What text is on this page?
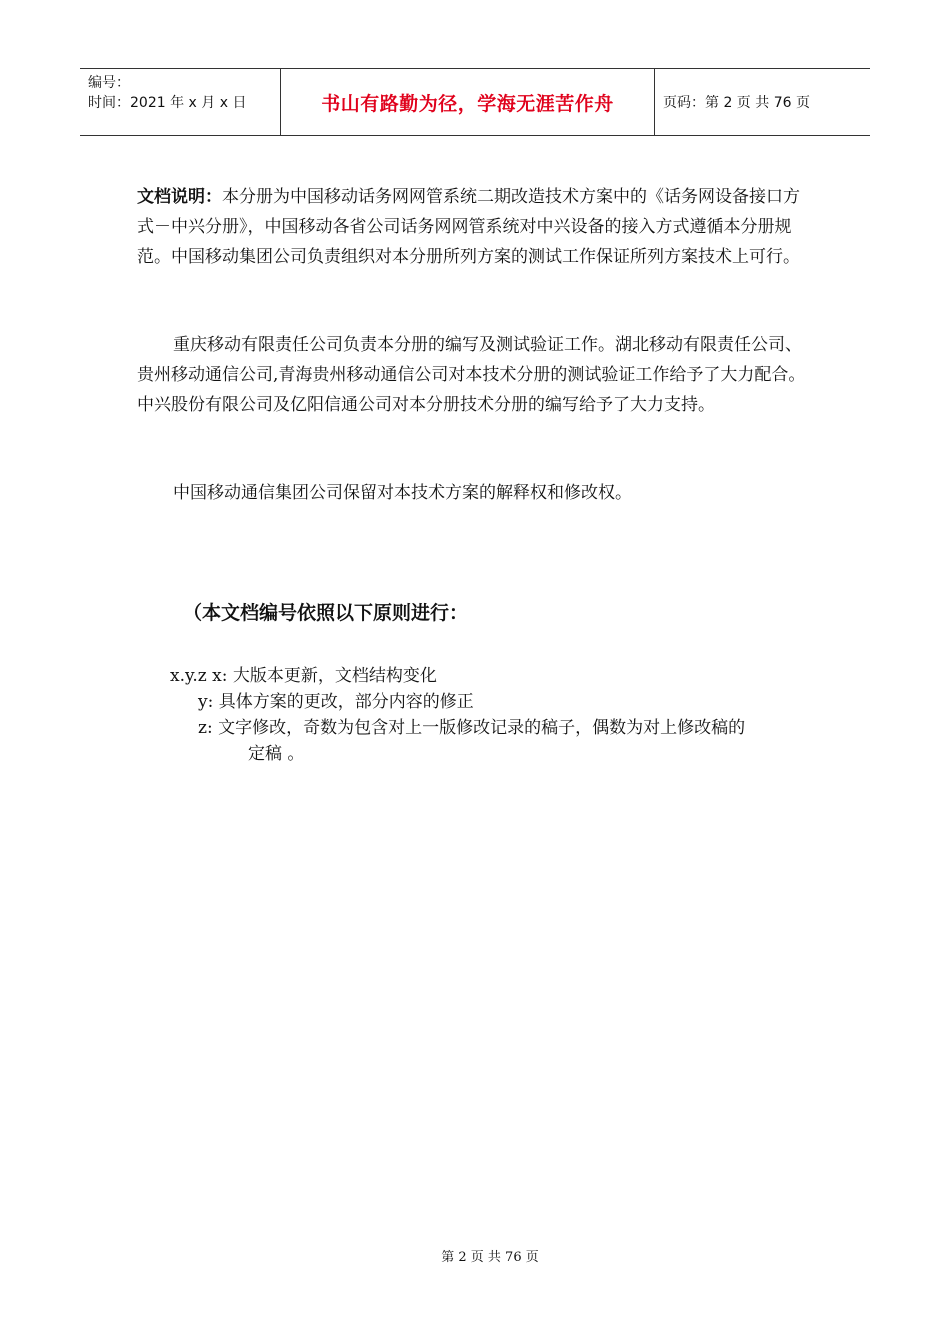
编号：
时间：2021 年 x 月 x 日	书山有路勤为径，学海无涯苦作舟	页码：第 2 页 共 76 页
文档说明：本分册为中国移动话务网网管系统二期改造技术方案中的《话务网设备接口方式－中兴分册》，中国移动各省公司话务网网管系统对中兴设备的接入方式遵循本分册规范。中国移动集团公司负责组织对本分册所列方案的测试工作保证所列方案技术上可行。
重庆移动有限责任公司负责本分册的编写及测试验证工作。湖北移动有限责任公司、贵州移动通信公司,青海贵州移动通信公司对本技术分册的测试验证工作给予了大力配合。中兴股份有限公司及亿阳信通公司对本分册技术分册的编写给予了大力支持。
中国移动通信集团公司保留对本技术方案的解释权和修改权。
（本文档编号依照以下原则进行：
x.y.z x: 大版本更新，文档结构变化
y: 具体方案的更改，部分内容的修正
z: 文字修改，奇数为包含对上一版修改记录的稿子，偶数为对上修改稿的
定稿 。
第 2 页 共 76 页
